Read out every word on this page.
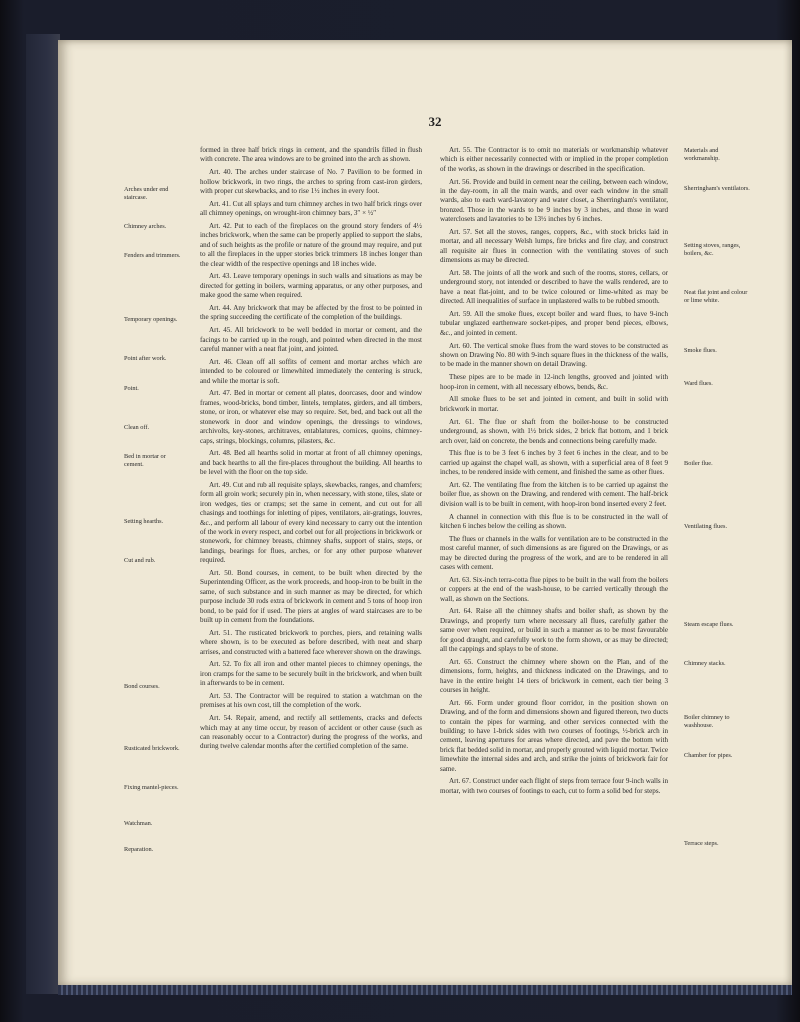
32
Arches under end staircase.
Chimney arches.
Fenders and trimmers.
Temporary openings.
Point after work.
Point.
Clean off.
Bed in mortar or cement.
Setting hearths.
Cut and rub.
Bond courses.
Rusticated brickwork.
Fixing mantel-pieces.
Watchman.
Reparation.

formed in three half brick rings in cement, and the spandrils filled in flush with concrete. The area windows are to be groined into the arch as shown.

Art. 40. The arches under staircase of No. 7 Pavilion to be formed in hollow brickwork, in two rings, the arches to spring from cast-iron girders, with proper cut skewbacks, and to rise 1½ inches in every foot.

Art. 41. Cut all splays and turn chimney arches in two half brick rings over all chimney openings, on wrought-iron chimney bars, 3″ × ½″

Art. 42. Put to each of the fireplaces on the ground story fenders of 4½ inches brickwork, when the same can be properly applied to support the slabs, and of such heights as the profile or nature of the ground may require, and put to all the fireplaces in the upper stories brick trimmers 18 inches longer than the clear width of the respective openings and 18 inches wide.

Art. 43. Leave temporary openings in such walls and situations as may be directed for getting in boilers, warming apparatus, or any other purposes, and make good the same when required.

Art. 44. Any brickwork that may be affected by the frost to be pointed in the spring succeeding the certificate of the completion of the buildings.

Art. 45. All brickwork to be well bedded in mortar or cement, and the facings to be carried up in the rough, and pointed when directed in the most careful manner with a neat flat joint, and jointed.

Art. 46. Clean off all soffits of cement and mortar arches which are intended to be coloured or limewhited immediately the centering is struck, and while the mortar is soft.

Art. 47. Bed in mortar or cement all plates, doorcases, door and window frames, wood-bricks, bond timber, lintels, templates, girders, and all timbers, stone, or iron, or whatever else may so require. Set, bed, and back out all the stonework in door and window openings, the dressings to windows, archivolts, key-stones, architraves, entablatures, cornices, quoins, chimney-caps, strings, blockings, columns, pilasters, &c.

Art. 48. Bed all hearths solid in mortar at front of all chimney openings, and back hearths to all the fire-places throughout the building. All hearths to be level with the floor on the top side.

Art. 49. Cut and rub all requisite splays, skewbacks, ranges, and chamfers; form all groin work; securely pin in, when necessary, with stone, tiles, slate or iron wedges, ties or cramps; set the same in cement, and cut out for all chasings and toothings for inletting of pipes, ventilators, air-gratings, louvres, &c., and perform all labour of every kind necessary to carry out the intention of the work in every respect, and corbel out for all projections in brickwork or stonework, for chimney breasts, chimney shafts, support of stairs, steps, or landings, bearings for flues, arches, or for any other purpose whatever required.

Art. 50. Bond courses, in cement, to be built when directed by the Superintending Officer, as the work proceeds, and hoop-iron to be built in the same, of such substance and in such manner as may be directed, for which purpose include 30 rods extra of brickwork in cement and 5 tons of hoop iron bond, to be paid for if used. The piers at angles of ward staircases are to be built up in cement from the foundations.

Art. 51. The rusticated brickwork to porches, piers, and retaining walls where shown, is to be executed as before described, with neat and sharp arrises, and constructed with a battered face wherever shown on the drawings.

Art. 52. To fix all iron and other mantel pieces to chimney openings, the iron cramps for the same to be securely built in the brickwork, and when built in afterwards to be in cement.

Art. 53. The Contractor will be required to station a watchman on the premises at his own cost, till the completion of the work.

Art. 54. Repair, amend, and rectify all settlements, cracks and defects which may at any time occur, by reason of accident or other cause (such as can reasonably occur to a Contractor) during the progress of the works, and during twelve calendar months after the certified completion of the same.

Art. 55. The Contractor is to omit no materials or workmanship whatever which is either necessarily connected with or implied in the proper completion of the works, as shown in the drawings or described in the specification.

Art. 56. Provide and build in cement near the ceiling, between each window, in the day-room, in all the main wards, and over each window in the small wards, also to each ward-lavatory and water closet, a Sherringham's ventilator, bronzed. Those in the wards to be 9 inches by 3 inches, and those in ward waterclosets and lavatories to be 13½ inches by 6 inches.

Art. 57. Set all the stoves, ranges, coppers, &c., with stock bricks laid in mortar, and all necessary Welsh lumps, fire bricks and fire clay, and construct all requisite air flues in connection with the ventilating stoves of such dimensions as may be directed.

Art. 58. The joints of all the work and such of the rooms, stores, cellars, or underground story, not intended or described to have the walls rendered, are to have a neat flat-joint, and to be twice coloured or lime-whited as may be directed. All inequalities of surface in unplastered walls to be rubbed smooth.

Art. 59. All the smoke flues, except boiler and ward flues, to have 9-inch tubular unglazed earthenware socket-pipes, and proper bend pieces, elbows, &c., and jointed in cement.

Art. 60. The vertical smoke flues from the ward stoves to be constructed as shown on Drawing No. 80 with 9-inch square flues in the thickness of the walls, to be made in the manner shown on detail Drawing.

These pipes are to be made in 12-inch lengths, grooved and jointed with hoop-iron in cement, with all necessary elbows, bends, &c.

All smoke flues to be set and jointed in cement, and built in solid with brickwork in mortar.

Art. 61. The flue or shaft from the boiler-house to be constructed underground, as shown, with 1½ brick sides, 2 brick flat bottom, and 1 brick arch over, laid on concrete, the bends and connections being carefully made.

This flue is to be 3 feet 6 inches by 3 feet 6 inches in the clear, and to be carried up against the chapel wall, as shown, with a superficial area of 8 feet 9 inches, to be rendered inside with cement, and finished the same as other flues.

Art. 62. The ventilating flue from the kitchen is to be carried up against the boiler flue, as shown on the Drawing, and rendered with cement. The half-brick division wall is to be built in cement, with hoop-iron bond inserted every 2 feet.

A channel in connection with this flue is to be constructed in the wall of kitchen 6 inches below the ceiling as shown.

The flues or channels in the walls for ventilation are to be constructed in the most careful manner, of such dimensions as are figured on the Drawings, or as may be directed during the progress of the work, and are to be rendered in all cases with cement.

Art. 63. Six-inch terra-cotta flue pipes to be built in the wall from the boilers or coppers at the end of the wash-house, to be carried vertically through the wall, as shown on the Sections.

Art. 64. Raise all the chimney shafts and boiler shaft, as shown by the Drawings, and properly turn where necessary all flues, carefully gather the same over when required, or build in such a manner as to be most favourable for good draught, and carefully work to the form shown, or as may be directed; all the cappings and splays to be of stone.

Art. 65. Construct the chimney where shown on the Plan, and of the dimensions, form, heights, and thickness indicated on the Drawings, and to have in the entire height 14 tiers of brickwork in cement, each tier being 3 courses in height.

Art. 66. Form under ground floor corridor, in the position shown on Drawing, and of the form and dimensions shown and figured thereon, two ducts to contain the pipes for warming, and other services connected with the building; to have 1-brick sides with two courses of footings, ½-brick arch in cement, leaving apertures for areas where directed, and pave the bottom with brick flat bedded solid in mortar, and properly grouted with liquid mortar. Twice limewhite the internal sides and arch, and strike the joints of brickwork fair for same.

Art. 67. Construct under each flight of steps from terrace four 9-inch walls in mortar, with two courses of footings to each, cut to form a solid bed for steps.

Materials and workmanship.
Sherringham's ventilators.
Setting stoves, ranges, boilers, &c.
Neat flat joint and colour or lime white.
Smoke flues.
Ward flues.
Boiler flue.
Ventilating flues.
Steam escape flues.
Chimney stacks.
Boiler chimney to washhouse.
Chamber for pipes.
Terrace steps.
